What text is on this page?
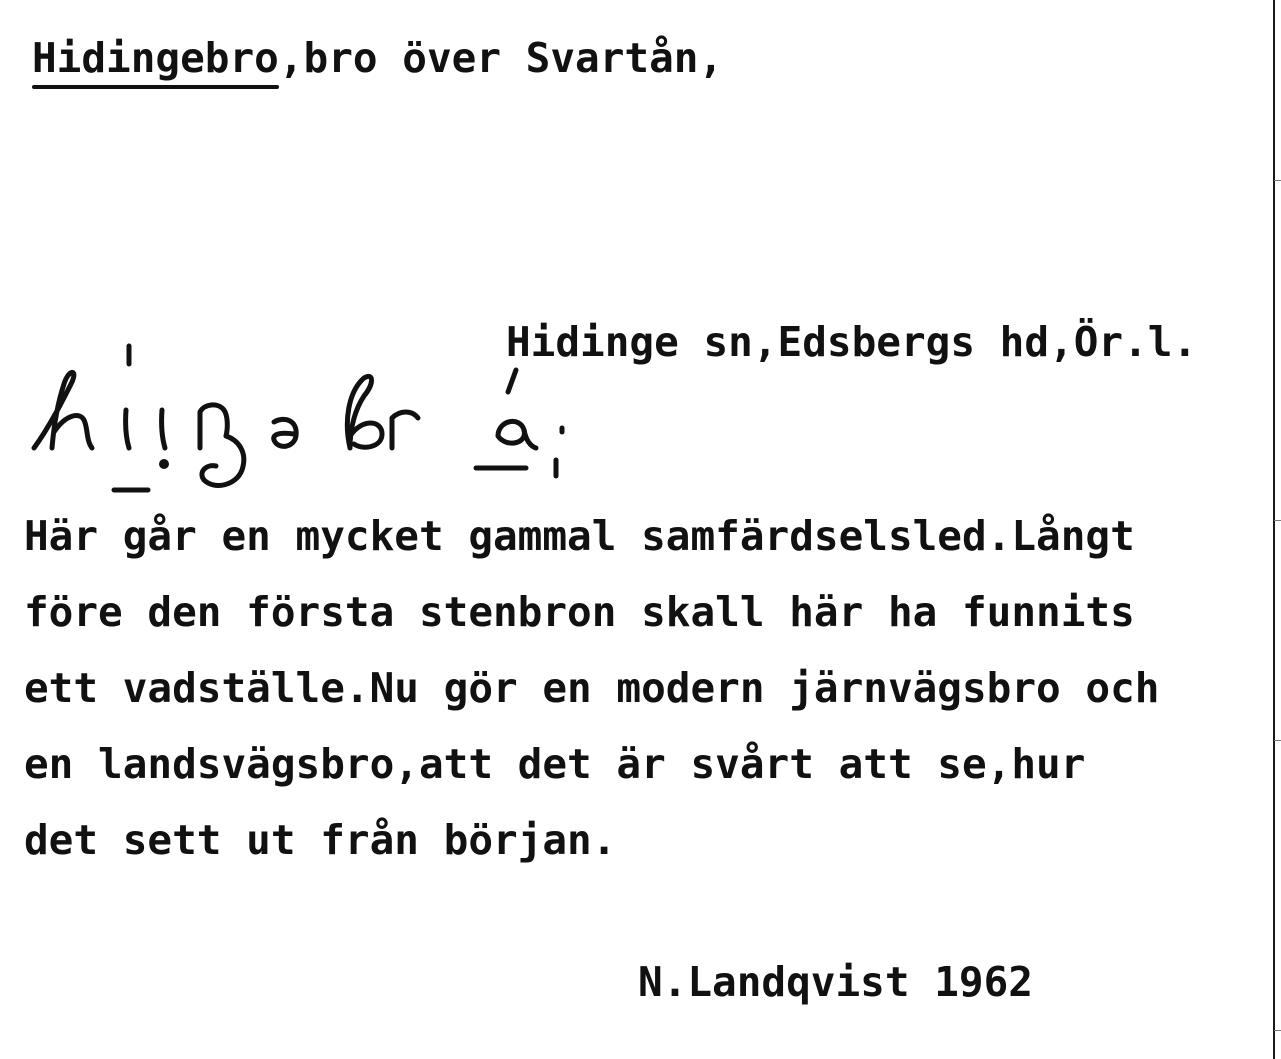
Hidingebro
,bro över Svartån,
Hidinge sn,Edsbergs hd,Ör.l.
Här går en mycket gammal samfärdselsled.Långt
före den första stenbron skall här ha funnits
ett vadställe.Nu gör en modern järnvägsbro och
en landsvägsbro,att det är svårt att se,hur
det sett ut från början.
N.Landqvist 1962
